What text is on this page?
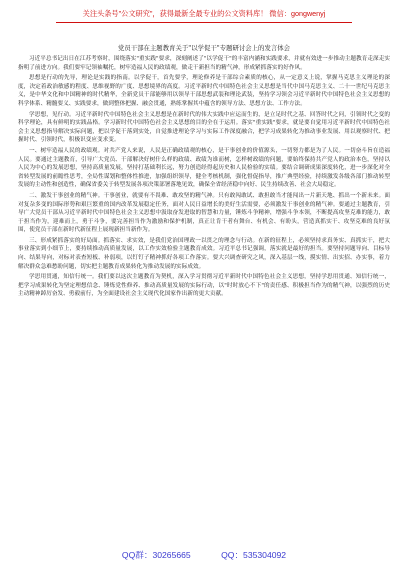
关注头条号"公文研究"，获得最新全最专业的公文资料库！ 微信：gongwenyj
党员干部在主题教育关于"以学促干"专题研讨会上的发言体会

习近平总书记出日在江苏考察时，围绕落实"重实践"要求，深刻阐述了"以学促干"的丰富内涵和实践要求，并就有效进一步推动主题教育走深走实指明了前进方向。我们要牢记领袖嘱托，树牢造福人民的政绩观，做走干新担当的精气神，形成紧抓落实的好作风。

思想是行动的先导，理论是实践的指南。以学促干，首先要学，理论修养是干部综合素质的核心，从一定意义上说，掌握马克思主义理论的深度，决定着政治敏感的程度、思维视野的广度、思想境界的高度。习近平新时代中国特色社会主义思想是当代中国马克思主义、二十一世纪马克思主义，是中华文化和中国精神的时代精华，全新党员干部能够用以领导干部思想武装和理论武装，坚持学习领会习近平新时代中国特色社会主义思想的科学体系、精髓要义、实践要求，做到整体把握、融会贯通，熟练掌握其中蕴含的领导方法、思想方法、工作方法。

学思想，见行动。习近平新时代中国特色社会主义思想是在新时代的伟大实践中应运而生的，是立足时代之基、回答时代之问，引领时代之变的科学理论，具有鲜明的实践品格。学习新时代中国特色社会主义思想的目的全在于运用。落实"重实践"要求，就是要自觉用习近平新时代中国特色社会主义思想指导解决实际问题，把以学促干落到实处，自觉推进理论学习与实际工作深度融合，把学习成果转化为推动事业发展、用以观察时代、把握时代、引领时代，积极识变应变求变。

一、树牢造福人民的政绩观。对共产党人来说，人民是正确政绩观的核心，是干事创业的价值源头，一切努力都是为了人民。一切奋斗旨在造福人民。要通过主题教育，引导广大党员、干部解决好树什么样的政绩、政绩为谁而树，怎样树政绩的问题，要始终保持共产党人的政治本色，坚持以人民为中心的发展思想，坚持高质量发展，坚持打基础利长远，努力创造经得起历史和人民检验的实绩。要结合调研成果深度转化，进一步深化对全省转型发展的前瞻性思考，全局性谋划和整体性推进，加强组织领导，健全考核机制，强化督促指导，推广典型经验，持续激发各级各部门推动转型发展的主动性和创造性，确保省委关于转型发展各项决策部署落地见效，确保全省经济稳中向好、民生持续改善、社会大局稳定。

二、激发干事创业的精气神。干事创业，就要有不畏难、敢攻坚的精气神。只有敢闯敢试、敢担敢当才能闯出一片新天地、抓出一个新未来。面对复杂多变的国际形势和艰巨繁重的国内改革发展稳定任务，面对人民日益增长的美好生活需要，必须激发干事创业的精气神。要通过主题教育，引导广大党员干部从习近平新时代中国特色社会主义思想中汲取奋发进取的智慧和力量，锤炼斗争精神，增强斗争本领，不断提高攻坚克难的能力，敢于担当作为，迎难而上，勇于斗争，要完善担当作为激励和保护机制，真正让肯干者有舞台、有机会、有盼头，营造真抓实干、攻坚克难的良好氛围，使党员干部在新时代新征程上展现新担当新作为。

三、形成紧抓落实的好局面。抓落实、求实效，是我们党治国理政一以贯之的理念与行动。在新的征程上，必须坚持求真务实、真抓实干，把大事业落实到小细节上，要持续推动高质量发展，以工作实效检验主题教育成效。习近平总书记强调，落实就是最好的担当。要坚持问题导向、目标导向、结果导向，对标对表查短板、补弱项，以钉钉子精神抓好各项工作落实。要大兴调查研究之风，深入基层一线，摸实情、出实招、办实事，着力解决群众急难愁盼问题，切实把主题教育成果转化为推动发展的实际成效。

学思用贯通，知信行统一。我们要以这次主题教育为契机，深入学习贯彻习近平新时代中国特色社会主义思想，坚持学思用贯通、知信行统一，把学习成果转化为坚定理想信念、锤炼党性修养、推动高质量发展的实际行动，以"时时放心不下"的责任感、积极担当作为的精气神，以强烈的历史主动精神踔厉奋发、勇毅前行，为全面建设社会主义现代化国家作出新的更大贡献。

QQ群：30265665	QQ：535304092
